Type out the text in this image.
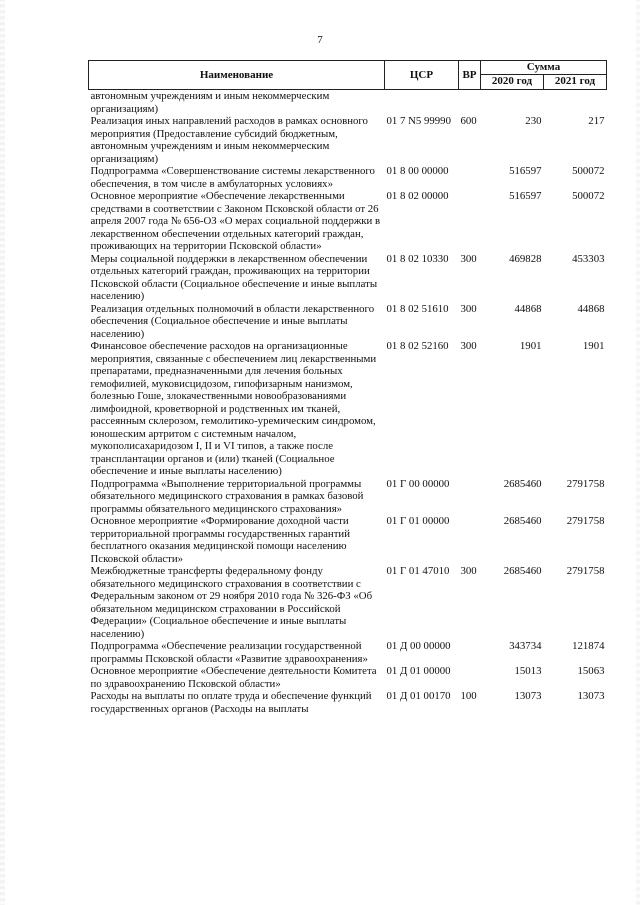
7
Наименование	ЦСР	ВР	Сумма	
			2020 год	2021 год
автономным учреждениям и иным некоммерческим организациям)				
Реализация иных направлений расходов в рамках основного мероприятия (Предоставление субсидий бюджетным, автономным учреждениям и иным некоммерческим организациям)	01 7 N5 99990	600	230	217
Подпрограмма «Совершенствование системы лекарственного обеспечения, в том числе в амбулаторных условиях»	01 8 00 00000		516597	500072
Основное мероприятие «Обеспечение лекарственными средствами в соответствии с Законом Псковской области от 26 апреля 2007 года № 656-ОЗ «О мерах социальной поддержки в лекарственном обеспечении отдельных категорий граждан, проживающих на территории Псковской области»	01 8 02 00000		516597	500072
Меры социальной поддержки в лекарственном обеспечении отдельных категорий граждан, проживающих на территории Псковской области (Социальное обеспечение и иные выплаты населению)	01 8 02 10330	300	469828	453303
Реализация отдельных полномочий в области лекарственного обеспечения (Социальное обеспечение и иные выплаты населению)	01 8 02 51610	300	44868	44868
Финансовое обеспечение расходов на организационные мероприятия, связанные с обеспечением лиц лекарственными препаратами, предназначенными для лечения больных гемофилией, муковисцидозом, гипофизарным нанизмом, болезнью Гоше, злокачественными новообразованиями лимфоидной, кроветворной и родственных им тканей, рассеянным склерозом, гемолитико-уремическим синдромом, юношеским артритом с системным началом, мукополисахаридозом I, II и VI типов, а также после трансплантации органов и (или) тканей (Социальное обеспечение и иные выплаты населению)	01 8 02 52160	300	1901	1901
Подпрограмма «Выполнение территориальной программы обязательного медицинского страхования в рамках базовой программы обязательного медицинского страхования»	01 Г 00 00000		2685460	2791758
Основное мероприятие «Формирование доходной части территориальной программы государственных гарантий бесплатного оказания медицинской помощи населению Псковской области»	01 Г 01 00000		2685460	2791758
Межбюджетные трансферты федеральному фонду обязательного медицинского страхования в соответствии с Федеральным законом от 29 ноября 2010 года № 326-ФЗ «Об обязательном медицинском страховании в Российской Федерации» (Социальное обеспечение и иные выплаты населению)	01 Г 01 47010	300	2685460	2791758
Подпрограмма «Обеспечение реализации государственной программы Псковской области «Развитие здравоохранения»	01 Д 00 00000		343734	121874
Основное мероприятие «Обеспечение деятельности Комитета по здравоохранению Псковской области»	01 Д 01 00000		15013	15063
Расходы на выплаты по оплате труда и обеспечение функций государственных органов (Расходы на выплаты	01 Д 01 00170	100	13073	13073
